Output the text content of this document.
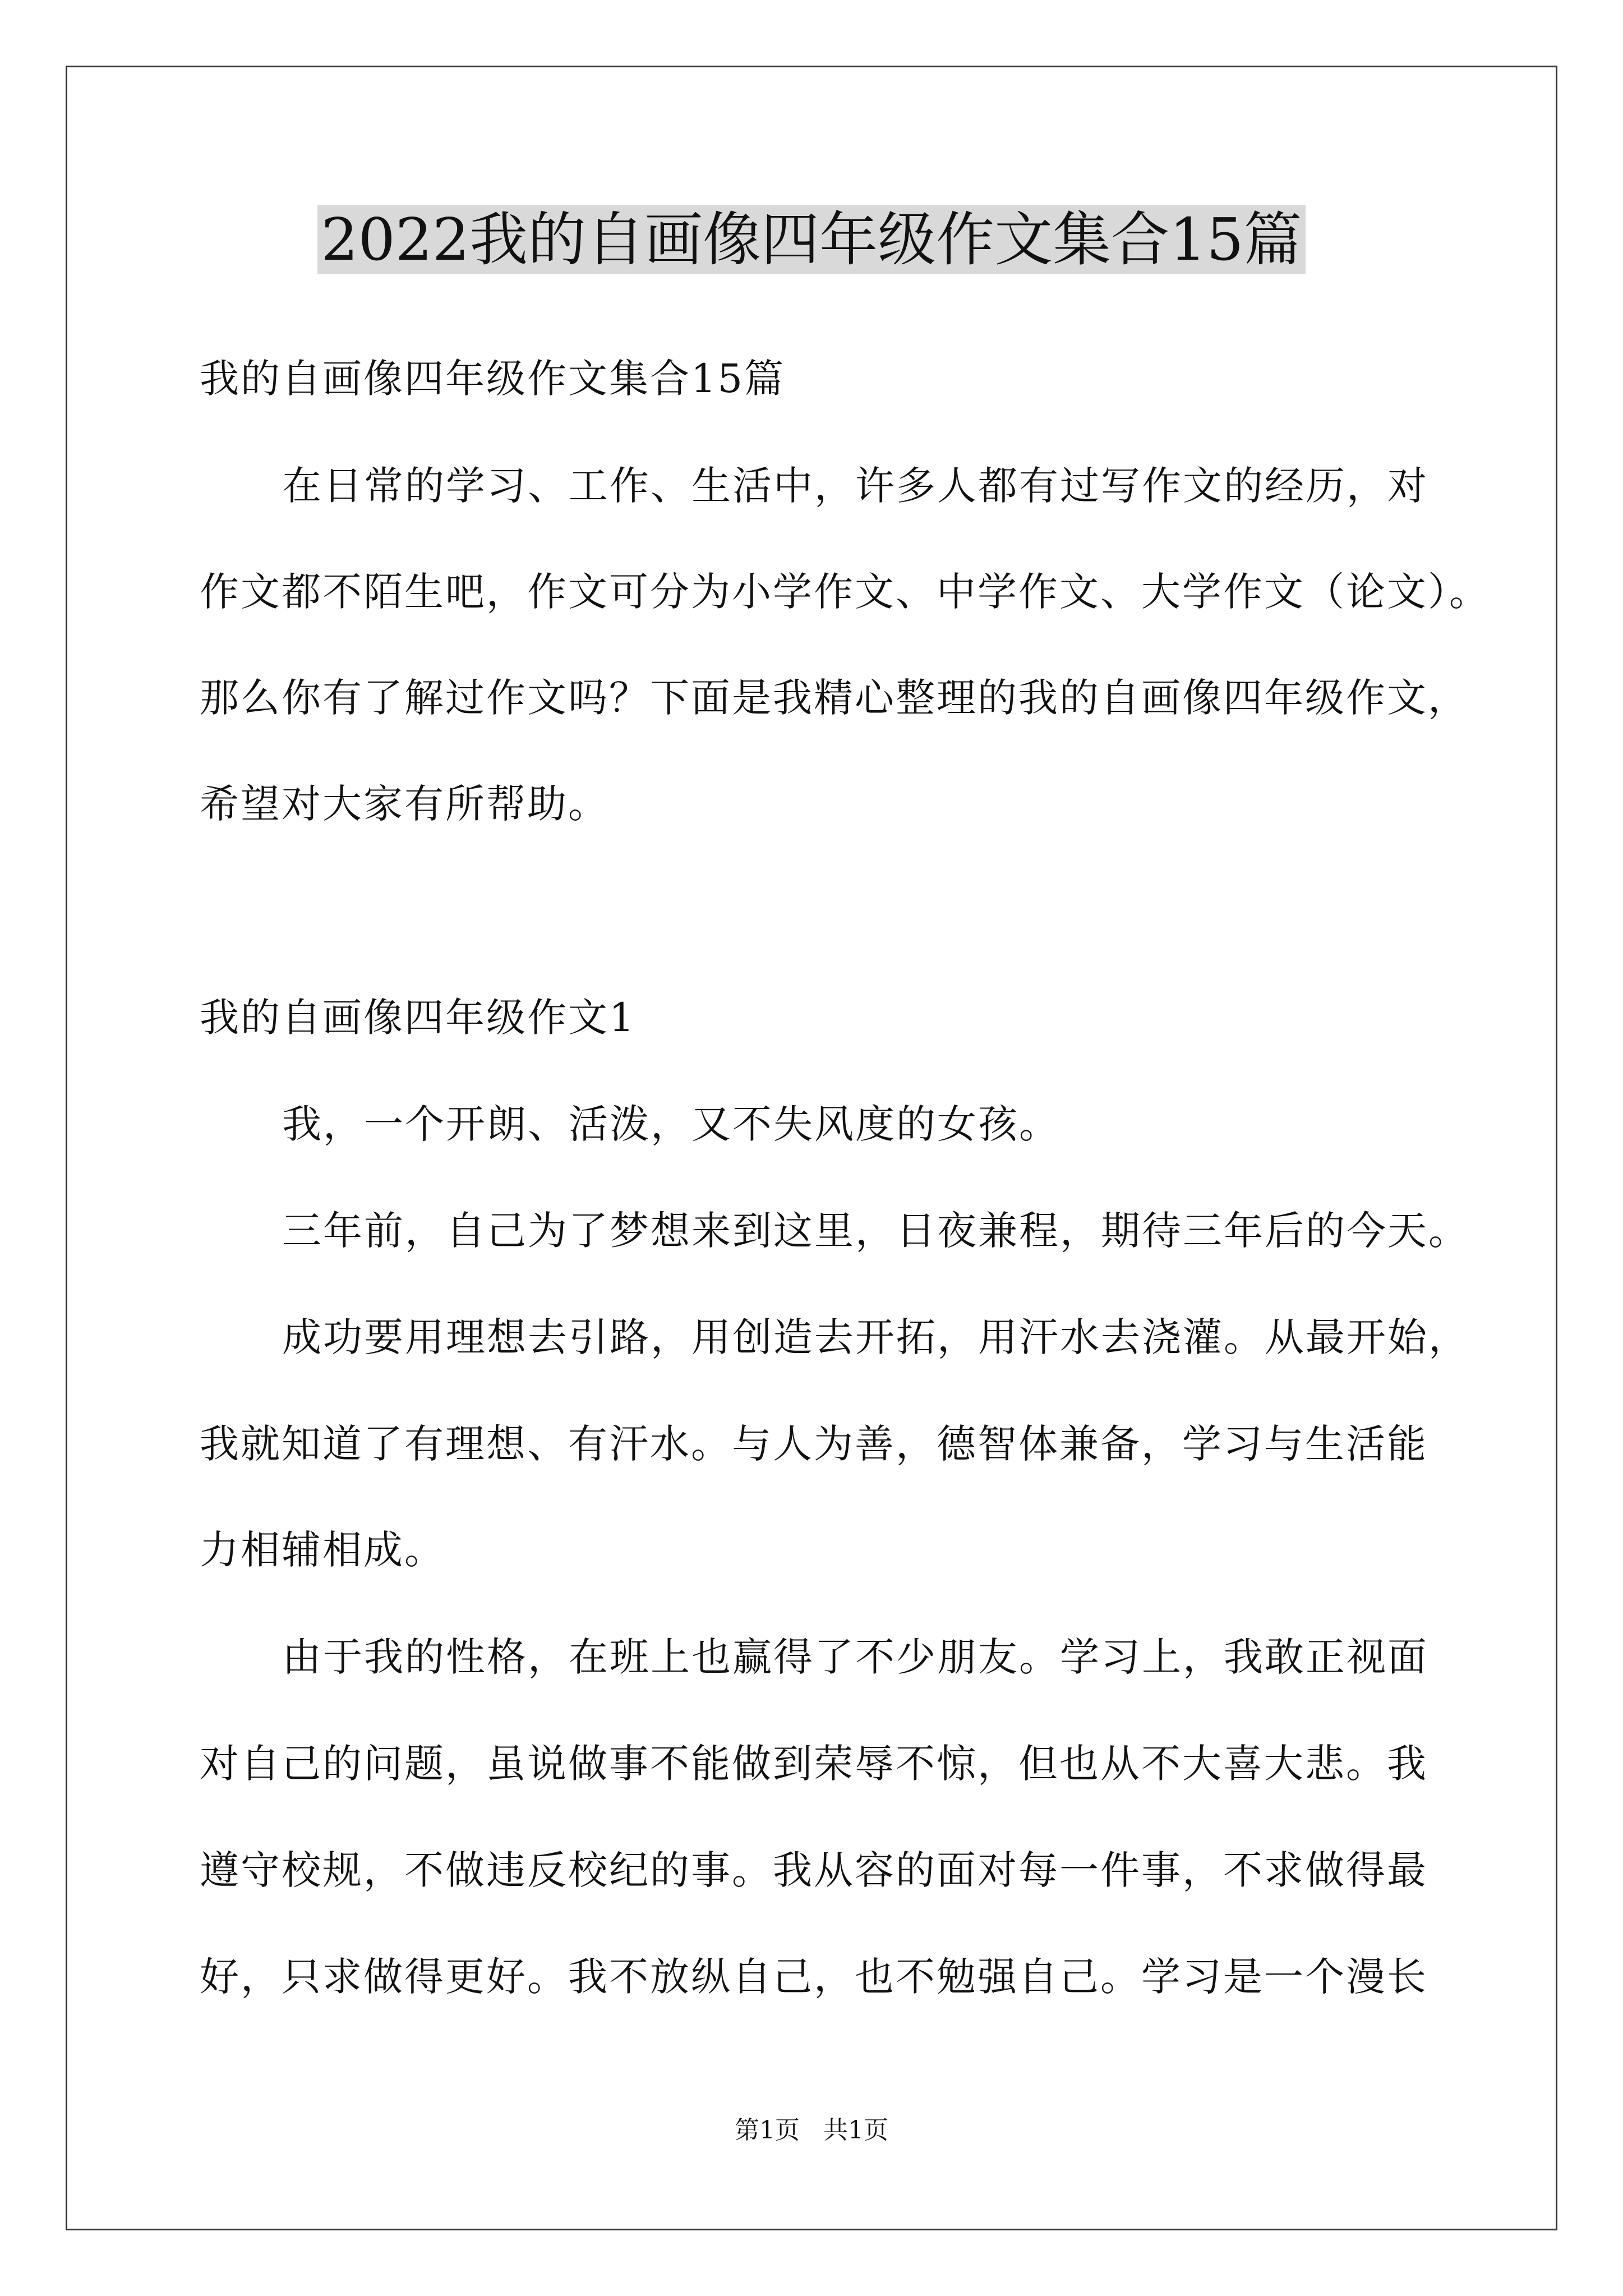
2022我的自画像四年级作文集合15篇

我的自画像四年级作文集合15篇

在日常的学习、工作、生活中，许多人都有过写作文的经历，对

作文都不陌生吧，作文可分为小学作文、中学作文、大学作文（论文）。

那么你有了解过作文吗？下面是我精心整理的我的自画像四年级作文，

希望对大家有所帮助。

我的自画像四年级作文1

我，一个开朗、活泼，又不失风度的女孩。

三年前，自己为了梦想来到这里，日夜兼程，期待三年后的今天。

成功要用理想去引路，用创造去开拓，用汗水去浇灌。从最开始，

我就知道了有理想、有汗水。与人为善，德智体兼备，学习与生活能

力相辅相成。

由于我的性格，在班上也赢得了不少朋友。学习上，我敢正视面

对自己的问题，虽说做事不能做到荣辱不惊，但也从不大喜大悲。我

遵守校规，不做违反校纪的事。我从容的面对每一件事，不求做得最

好，只求做得更好。我不放纵自己，也不勉强自己。学习是一个漫长

第1页   共1页
